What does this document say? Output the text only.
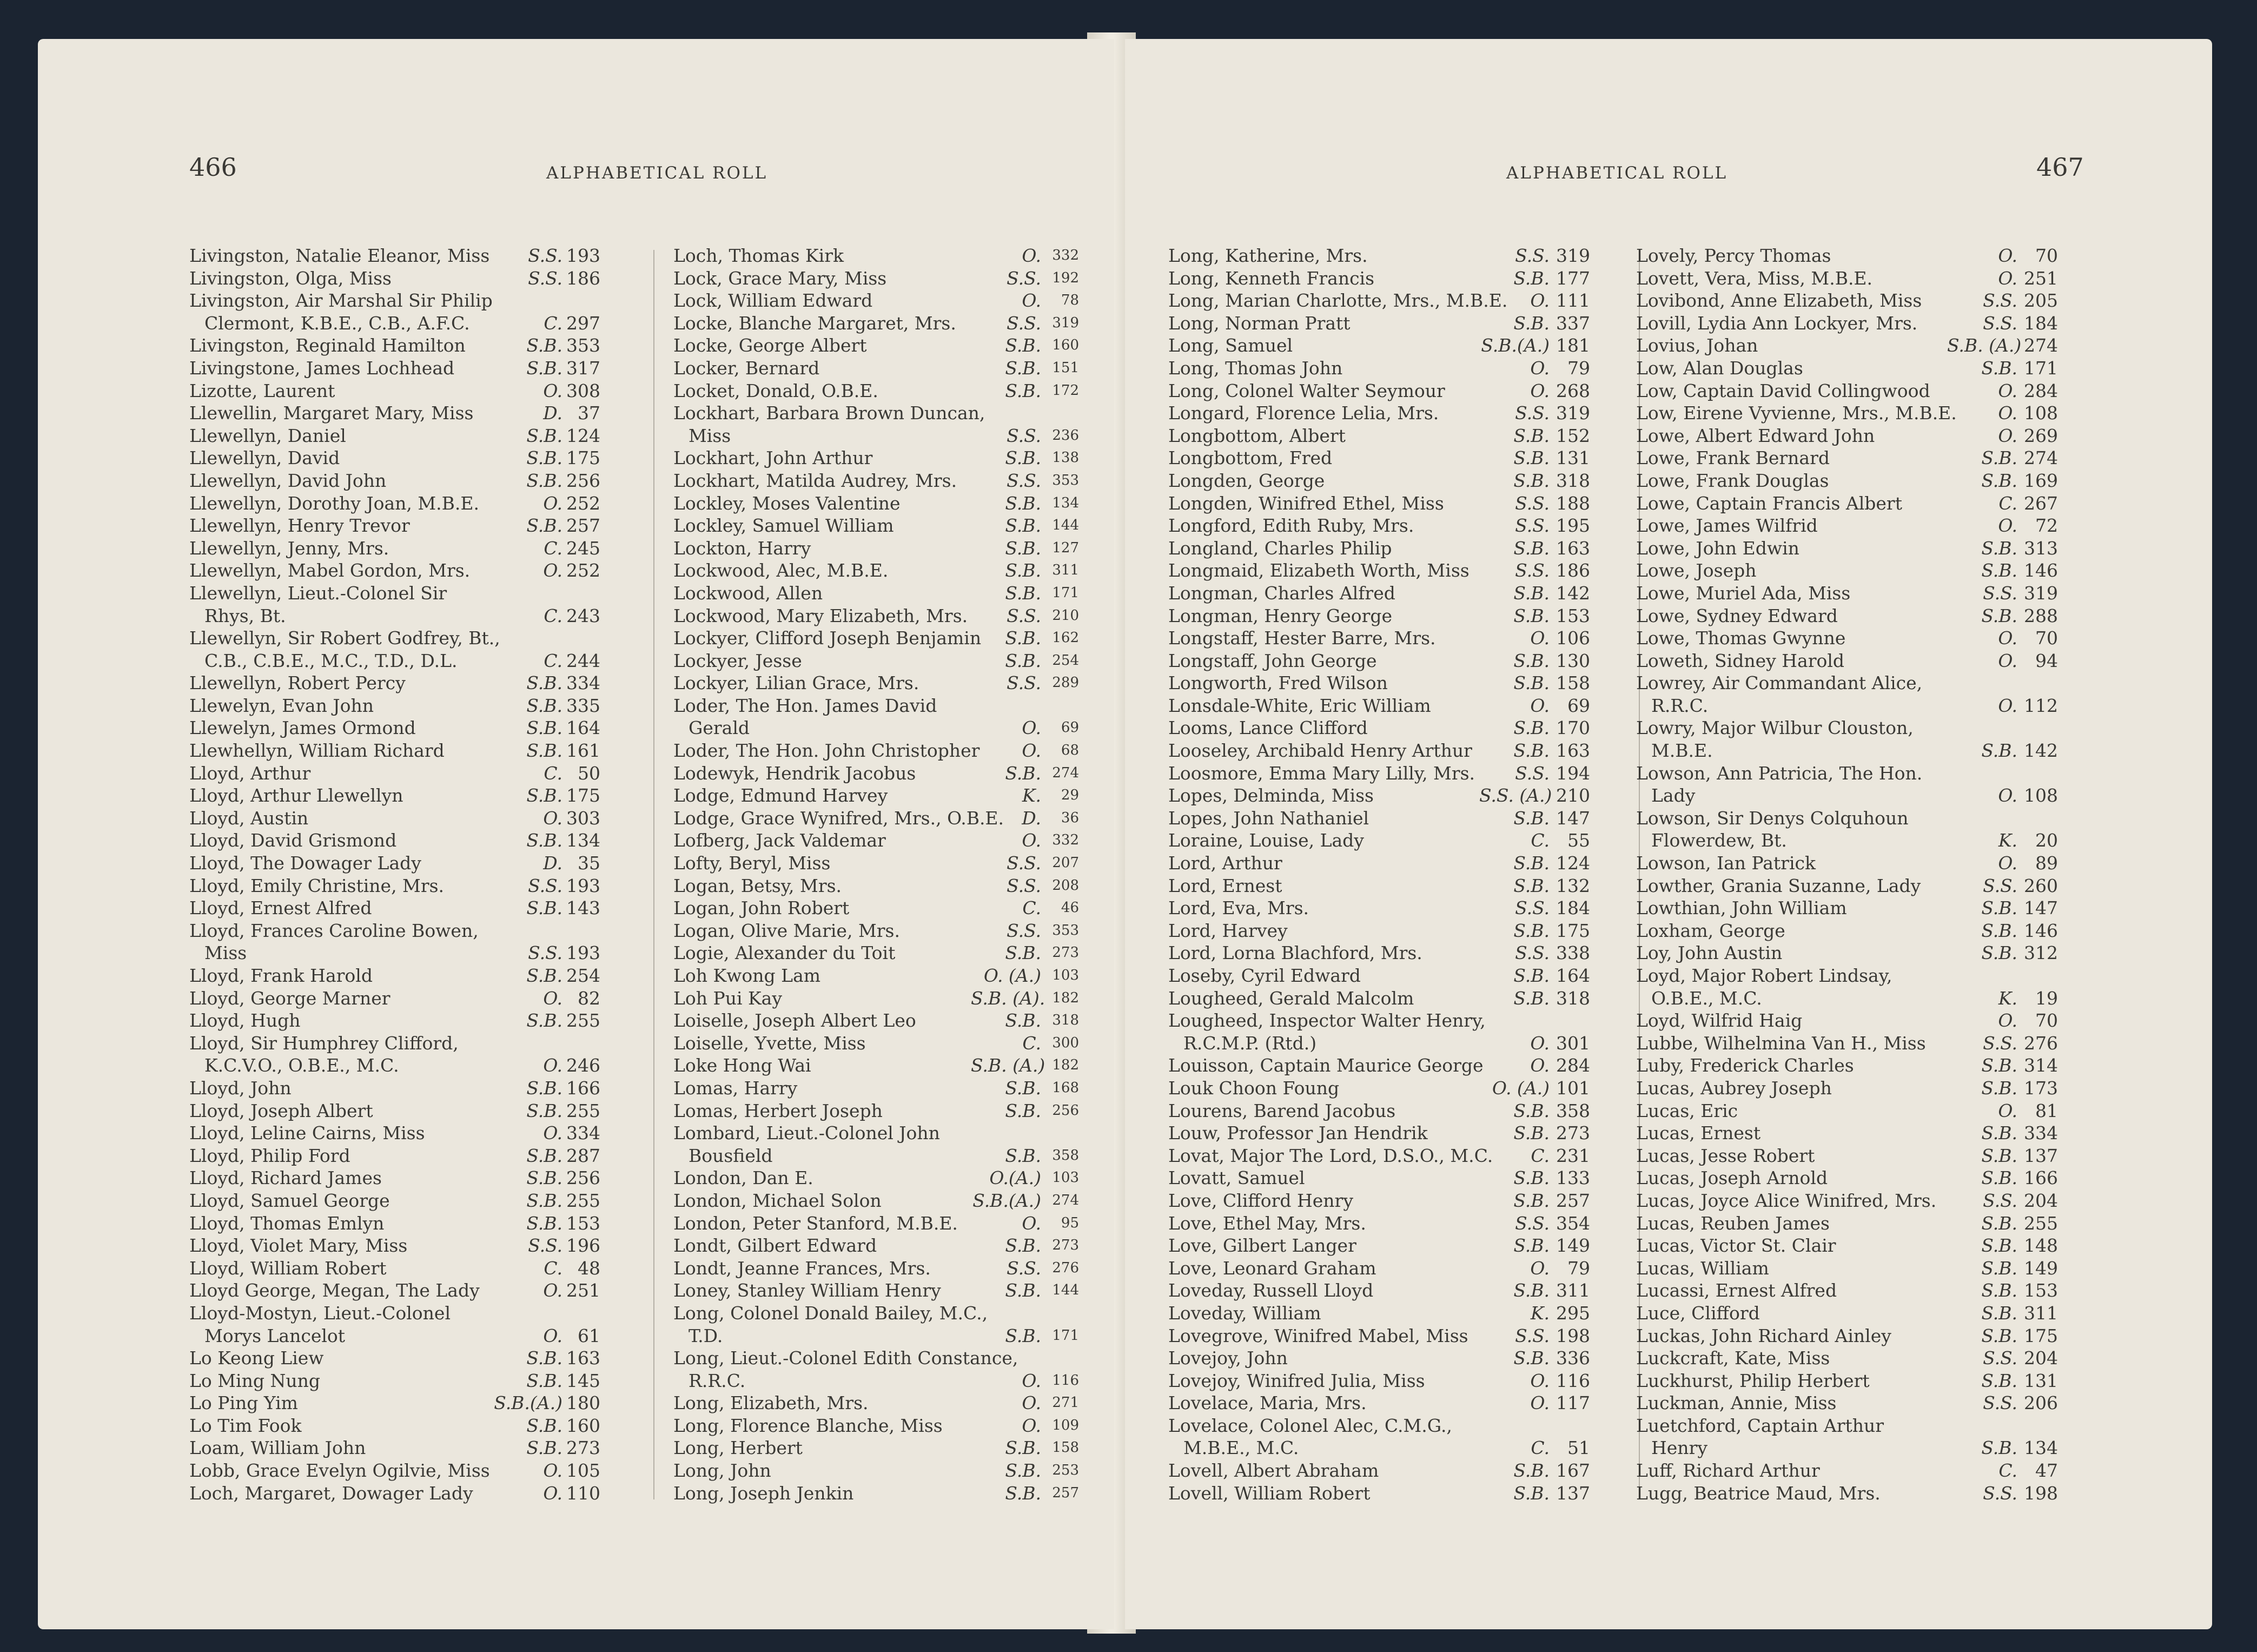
466	ALPHABETICAL ROLL
Livingston, Natalie Eleanor, Miss	S.S. 193
Livingston, Olga, Miss	S.S. 186
Livingston, Air Marshal Sir Philip
Clermont, K.B.E., C.B., A.F.C.	C. 297
Livingston, Reginald Hamilton	S.B. 353
Livingstone, James Lochhead	S.B. 317
Lizotte, Laurent	O. 308
Llewellin, Margaret Mary, Miss	D. 37
Llewellyn, Daniel	S.B. 124
Llewellyn, David	S.B. 175
Llewellyn, David John	S.B. 256
Llewellyn, Dorothy Joan, M.B.E.	O. 252
Llewellyn, Henry Trevor	S.B. 257
Llewellyn, Jenny, Mrs.	C. 245
Llewellyn, Mabel Gordon, Mrs.	O. 252
Llewellyn, Lieut.-Colonel Sir
Rhys, Bt.	C. 243
Llewellyn, Sir Robert Godfrey, Bt.,
C.B., C.B.E., M.C., T.D., D.L.	C. 244
Llewellyn, Robert Percy	S.B. 334
Llewelyn, Evan John	S.B. 335
Llewelyn, James Ormond	S.B. 164
Llewhellyn, William Richard	S.B. 161
Lloyd, Arthur	C. 50
Lloyd, Arthur Llewellyn	S.B. 175
Lloyd, Austin	O. 303
Lloyd, David Grismond	S.B. 134
Lloyd, The Dowager Lady	D. 35
Lloyd, Emily Christine, Mrs.	S.S. 193
Lloyd, Ernest Alfred	S.B. 143
Lloyd, Frances Caroline Bowen,
Miss	S.S. 193
Lloyd, Frank Harold	S.B. 254
Lloyd, George Marner	O. 82
Lloyd, Hugh	S.B. 255
Lloyd, Sir Humphrey Clifford,
K.C.V.O., O.B.E., M.C.	O. 246
Lloyd, John	S.B. 166
Lloyd, Joseph Albert	S.B. 255
Lloyd, Leline Cairns, Miss	O. 334
Lloyd, Philip Ford	S.B. 287
Lloyd, Richard James	S.B. 256
Lloyd, Samuel George	S.B. 255
Lloyd, Thomas Emlyn	S.B. 153
Lloyd, Violet Mary, Miss	S.S. 196
Lloyd, William Robert	C. 48
Lloyd George, Megan, The Lady	O. 251
Lloyd-Mostyn, Lieut.-Colonel
Morys Lancelot	O. 61
Lo Keong Liew	S.B. 163
Lo Ming Nung	S.B. 145
Lo Ping Yim	S.B.(A.) 180
Lo Tim Fook	S.B. 160
Loam, William John	S.B. 273
Lobb, Grace Evelyn Ogilvie, Miss	O. 105
Loch, Margaret, Dowager Lady	O. 110
Loch, Thomas Kirk	O. 332
Lock, Grace Mary, Miss	S.S. 192
Lock, William Edward	O.	78
Locke, Blanche Margaret, Mrs.	S.S. 319
Locke, George Albert	S.B. 160
Locker, Bernard	S.B. 151
Locket, Donald, O.B.E.	S.B. 172
Lockhart, Barbara Brown Duncan,
Miss	S.S. 236
Lockhart, John Arthur	S.B. 138
Lockhart, Matilda Audrey, Mrs.	S.S. 353
Lockley, Moses Valentine	S.B. 134
Lockley, Samuel William	S.B. 144
Lockton, Harry	S.B. 127
Lockwood, Alec, M.B.E.	S.B. 311
Lockwood, Allen	S.B. 171
Lockwood, Mary Elizabeth, Mrs.	S.S. 210
Lockyer, Clifford Joseph Benjamin	S.B. 162
Lockyer, Jesse	S.B. 254
Lockyer, Lilian Grace, Mrs.	S.S. 289
Loder, The Hon. James David
Gerald	O.	69
Loder, The Hon. John Christopher	O.	68
Lodewyk, Hendrik Jacobus	S.B. 274
Lodge, Edmund Harvey	K.	29
Lodge, Grace Wynifred, Mrs., O.B.E.	D.	36
Lofberg, Jack Valdemar	O. 332
Lofty, Beryl, Miss	S.S. 207
Logan, Betsy, Mrs.	S.S. 208
Logan, John Robert	C.	46
Logan, Olive Marie, Mrs.	S.S. 353
Logie, Alexander du Toit	S.B. 273
Loh Kwong Lam	O. (A.) 103
Loh Pui Kay	S.B. (A). 182
Loiselle, Joseph Albert Leo	S.B. 318
Loiselle, Yvette, Miss	C. 300
Loke Hong Wai	S.B. (A.) 182
Lomas, Harry	S.B. 168
Lomas, Herbert Joseph	S.B. 256
Lombard, Lieut.-Colonel John
Bousfield	S.B. 358
London, Dan E.	O.(A.) 103
London, Michael Solon	S.B.(A.) 274
London, Peter Stanford, M.B.E.	O.	95
Londt, Gilbert Edward	S.B. 273
Londt, Jeanne Frances, Mrs.	S.S. 276
Loney, Stanley William Henry	S.B. 144
Long, Colonel Donald Bailey, M.C.,
T.D.	S.B. 171
Long, Lieut.-Colonel Edith Constance,
R.R.C.	O. 116
Long, Elizabeth, Mrs.	O. 271
Long, Florence Blanche, Miss	O. 109
Long, Herbert	S.B. 158
Long, John	S.B. 253
Long, Joseph Jenkin	S.B. 257
ALPHABETICAL ROLL	467
Long, Katherine, Mrs.	S.S. 319
Long, Kenneth Francis	S.B. 177
Long, Marian Charlotte, Mrs., M.B.E.	O. 111
Long, Norman Pratt	S.B. 337
Long, Samuel	S.B.(A.) 181
Long, Thomas John	O.	79
Long, Colonel Walter Seymour	O. 268
Longard, Florence Lelia, Mrs.	S.S. 319
Longbottom, Albert	S.B. 152
Longbottom, Fred	S.B. 131
Longden, George	S.B. 318
Longden, Winifred Ethel, Miss	S.S. 188
Longford, Edith Ruby, Mrs.	S.S. 195
Longland, Charles Philip	S.B. 163
Longmaid, Elizabeth Worth, Miss	S.S. 186
Longman, Charles Alfred	S.B. 142
Longman, Henry George	S.B. 153
Longstaff, Hester Barre, Mrs.	O. 106
Longstaff, John George	S.B. 130
Longworth, Fred Wilson	S.B. 158
Lonsdale-White, Eric William	O.	69
Looms, Lance Clifford	S.B. 170
Looseley, Archibald Henry Arthur	S.B. 163
Loosmore, Emma Mary Lilly, Mrs.	S.S. 194
Lopes, Delminda, Miss	S.S. (A.) 210
Lopes, John Nathaniel	S.B. 147
Loraine, Louise, Lady	C.	55
Lord, Arthur	S.B. 124
Lord, Ernest	S.B. 132
Lord, Eva, Mrs.	S.S. 184
Lord, Harvey	S.B. 175
Lord, Lorna Blachford, Mrs.	S.S. 338
Loseby, Cyril Edward	S.B. 164
Lougheed, Gerald Malcolm	S.B. 318
Lougheed, Inspector Walter Henry,
R.C.M.P. (Rtd.)	O. 301
Louisson, Captain Maurice George	O. 284
Louk Choon Foung	O. (A.) 101
Lourens, Barend Jacobus	S.B. 358
Louw, Professor Jan Hendrik	S.B. 273
Lovat, Major The Lord, D.S.O., M.C.	C. 231
Lovatt, Samuel	S.B. 133
Love, Clifford Henry	S.B. 257
Love, Ethel May, Mrs.	S.S. 354
Love, Gilbert Langer	S.B. 149
Love, Leonard Graham	O.	79
Loveday, Russell Lloyd	S.B. 311
Loveday, William	K. 295
Lovegrove, Winifred Mabel, Miss	S.S. 198
Lovejoy, John	S.B. 336
Lovejoy, Winifred Julia, Miss	O. 116
Lovelace, Maria, Mrs.	O. 117
Lovelace, Colonel Alec, C.M.G.,
M.B.E., M.C.	C.	51
Lovell, Albert Abraham	S.B. 167
Lovell, William Robert	S.B. 137
Lovely, Percy Thomas	O.	70
Lovett, Vera, Miss, M.B.E.	O. 251
Lovibond, Anne Elizabeth, Miss	S.S. 205
Lovill, Lydia Ann Lockyer, Mrs.	S.S. 184
Lovius, Johan	S.B. (A.) 274
Low, Alan Douglas	S.B. 171
Low, Captain David Collingwood	O. 284
Low, Eirene Vyvienne, Mrs., M.B.E.	O. 108
Lowe, Albert Edward John	O. 269
Lowe, Frank Bernard	S.B. 274
Lowe, Frank Douglas	S.B. 169
Lowe, Captain Francis Albert	C. 267
Lowe, James Wilfrid	O.	72
Lowe, John Edwin	S.B. 313
Lowe, Joseph	S.B. 146
Lowe, Muriel Ada, Miss	S.S. 319
Lowe, Sydney Edward	S.B. 288
Lowe, Thomas Gwynne	O.	70
Loweth, Sidney Harold	O.	94
Lowrey, Air Commandant Alice,
R.R.C.	O. 112
Lowry, Major Wilbur Clouston,
M.B.E.	S.B. 142
Lowson, Ann Patricia, The Hon.
Lady	O. 108
Lowson, Sir Denys Colquhoun
Flowerdew, Bt.	K.	20
Lowson, Ian Patrick	O.	89
Lowther, Grania Suzanne, Lady	S.S. 260
Lowthian, John William	S.B. 147
Loxham, George	S.B. 146
Loy, John Austin	S.B. 312
Loyd, Major Robert Lindsay,
O.B.E., M.C.	K.	19
Loyd, Wilfrid Haig	O.	70
Lubbe, Wilhelmina Van H., Miss	S.S. 276
Luby, Frederick Charles	S.B. 314
Lucas, Aubrey Joseph	S.B. 173
Lucas, Eric	O.	81
Lucas, Ernest	S.B. 334
Lucas, Jesse Robert	S.B. 137
Lucas, Joseph Arnold	S.B. 166
Lucas, Joyce Alice Winifred, Mrs.	S.S. 204
Lucas, Reuben James	S.B. 255
Lucas, Victor St. Clair	S.B. 148
Lucas, William	S.B. 149
Lucassi, Ernest Alfred	S.B. 153
Luce, Clifford	S.B. 311
Luckas, John Richard Ainley	S.B. 175
Luckcraft, Kate, Miss	S.S. 204
Luckhurst, Philip Herbert	S.B. 131
Luckman, Annie, Miss	S.S. 206
Luetchford, Captain Arthur
Henry	S.B. 134
Luff, Richard Arthur	C.	47
Lugg, Beatrice Maud, Mrs.	S.S. 198
